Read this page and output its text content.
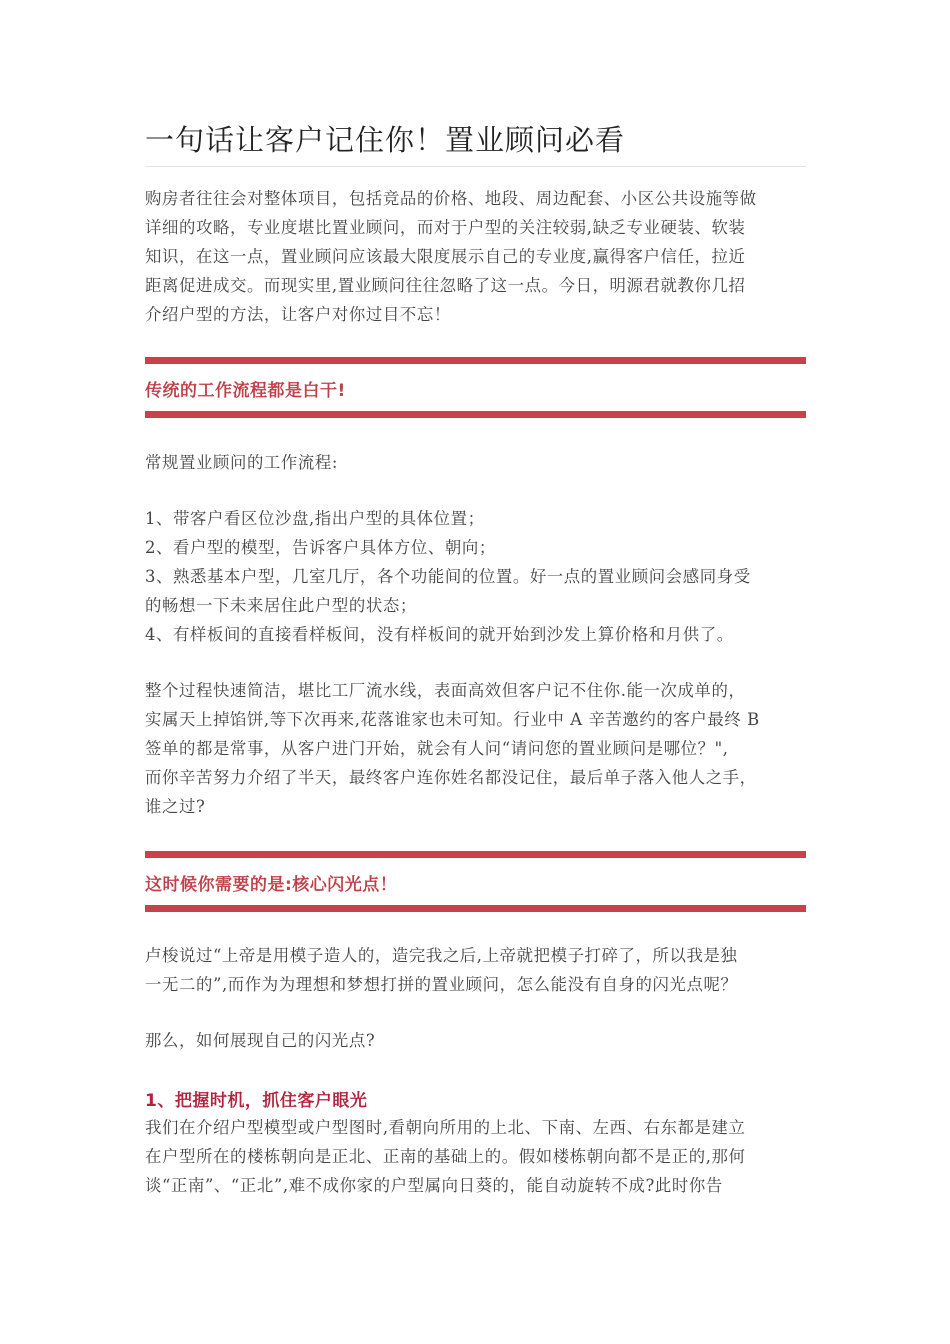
一句话让客户记住你！置业顾问必看
购房者往往会对整体项目，包括竞品的价格、地段、周边配套、小区公共设施等做
详细的攻略，专业度堪比置业顾问，而对于户型的关注较弱,缺乏专业硬装、软装
知识，在这一点，置业顾问应该最大限度展示自己的专业度,赢得客户信任，拉近
距离促进成交。而现实里,置业顾问往往忽略了这一点。今日，明源君就教你几招
介绍户型的方法，让客户对你过目不忘！
传统的工作流程都是白干!
常规置业顾问的工作流程:
1、带客户看区位沙盘,指出户型的具体位置；
2、看户型的模型，告诉客户具体方位、朝向；
3、熟悉基本户型，几室几厅，各个功能间的位置。好一点的置业顾问会感同身受
的畅想一下未来居住此户型的状态；
4、有样板间的直接看样板间，没有样板间的就开始到沙发上算价格和月供了。
整个过程快速简洁，堪比工厂流水线，表面高效但客户记不住你.能一次成单的，
实属天上掉馅饼,等下次再来,花落谁家也未可知。行业中 A 辛苦邀约的客户最终 B
签单的都是常事，从客户进门开始，就会有人问“请问您的置业顾问是哪位？",
而你辛苦努力介绍了半天，最终客户连你姓名都没记住，最后单子落入他人之手，
谁之过?
这时候你需要的是:核心闪光点！
卢梭说过“上帝是用模子造人的，造完我之后,上帝就把模子打碎了，所以我是独
一无二的”,而作为为理想和梦想打拼的置业顾问，怎么能没有自身的闪光点呢？
那么，如何展现自己的闪光点?
1、把握时机，抓住客户眼光
我们在介绍户型模型或户型图时,看朝向所用的上北、下南、左西、右东都是建立
在户型所在的楼栋朝向是正北、正南的基础上的。假如楼栋朝向都不是正的,那何
谈“正南”、“正北”,难不成你家的户型属向日葵的，能自动旋转不成?此时你告
